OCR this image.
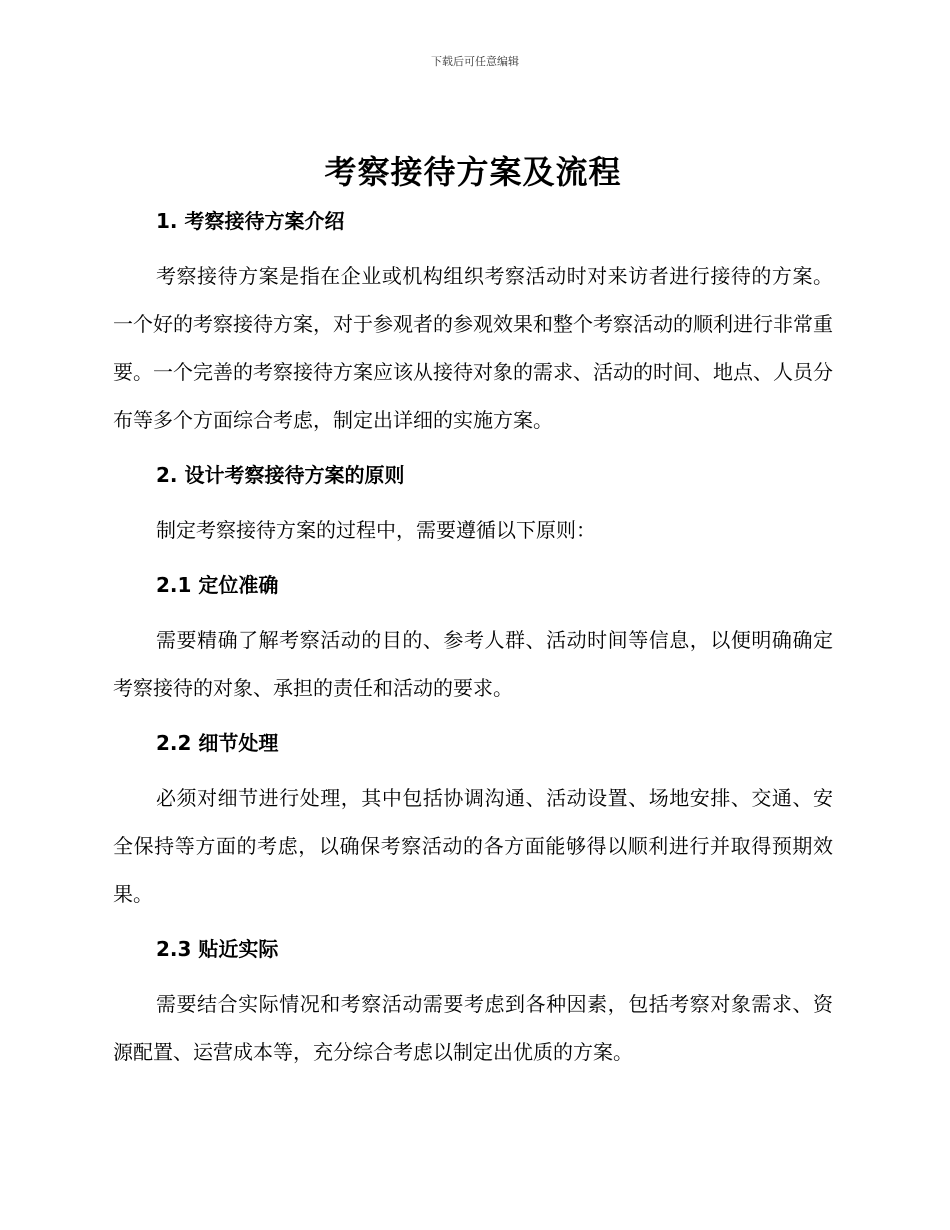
下载后可任意编辑
考察接待方案及流程
1. 考察接待方案介绍

考察接待方案是指在企业或机构组织考察活动时对来访者进行接待的方案。一个好的考察接待方案，对于参观者的参观效果和整个考察活动的顺利进行非常重要。一个完善的考察接待方案应该从接待对象的需求、活动的时间、地点、人员分布等多个方面综合考虑，制定出详细的实施方案。

2. 设计考察接待方案的原则

制定考察接待方案的过程中，需要遵循以下原则：

2.1 定位准确

需要精确了解考察活动的目的、参考人群、活动时间等信息，以便明确确定考察接待的对象、承担的责任和活动的要求。

2.2 细节处理

必须对细节进行处理，其中包括协调沟通、活动设置、场地安排、交通、安全保持等方面的考虑，以确保考察活动的各方面能够得以顺利进行并取得预期效果。

2.3 贴近实际

需要结合实际情况和考察活动需要考虑到各种因素，包括考察对象需求、资源配置、运营成本等，充分综合考虑以制定出优质的方案。
